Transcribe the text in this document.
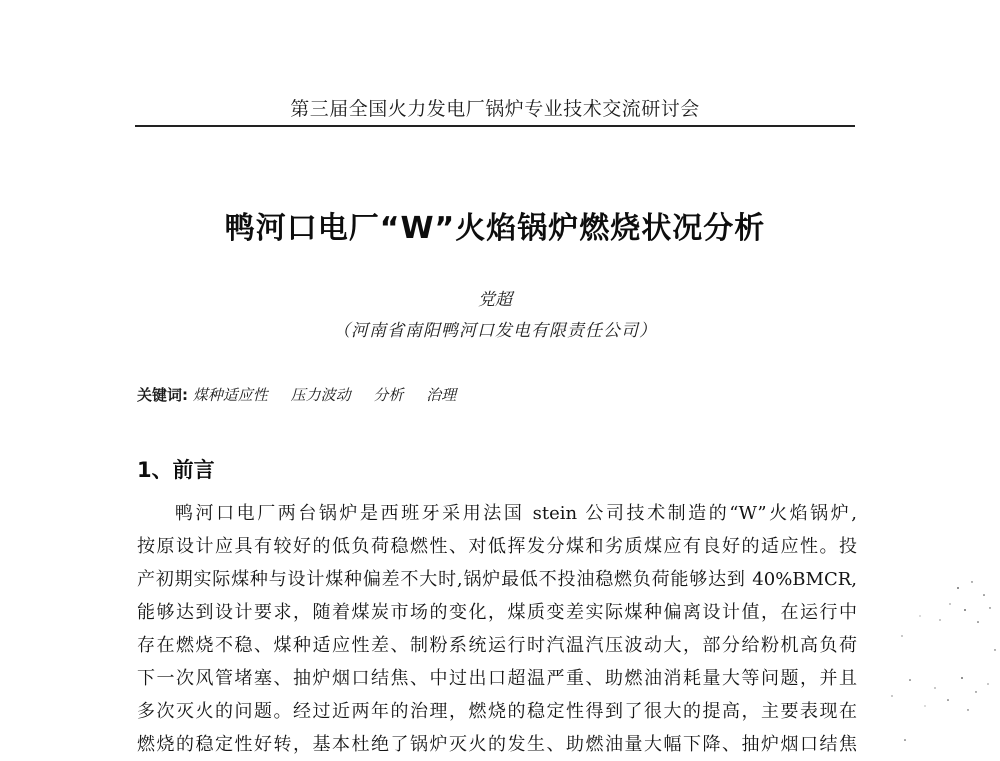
第三届全国火力发电厂锅炉专业技术交流研讨会
鸭河口电厂“W”火焰锅炉燃烧状况分析
党超
（河南省南阳鸭河口发电有限责任公司）
关键词: 煤种适应性 压力波动 分析 治理
1、前言
鸭河口电厂两台锅炉是西班牙采用法国 stein 公司技术制造的“W”火焰锅炉,
按原设计应具有较好的低负荷稳燃性、对低挥发分煤和劣质煤应有良好的适应性。投
产初期实际煤种与设计煤种偏差不大时,锅炉最低不投油稳燃负荷能够达到 40%BMCR,
能够达到设计要求，随着煤炭市场的变化，煤质变差实际煤种偏离设计值，在运行中
存在燃烧不稳、煤种适应性差、制粉系统运行时汽温汽压波动大，部分给粉机高负荷
下一次风管堵塞、抽炉烟口结焦、中过出口超温严重、助燃油消耗量大等问题，并且
多次灭火的问题。经过近两年的治理，燃烧的稳定性得到了很大的提高，主要表现在
燃烧的稳定性好转，基本杜绝了锅炉灭火的发生、助燃油量大幅下降、抽炉烟口结焦
